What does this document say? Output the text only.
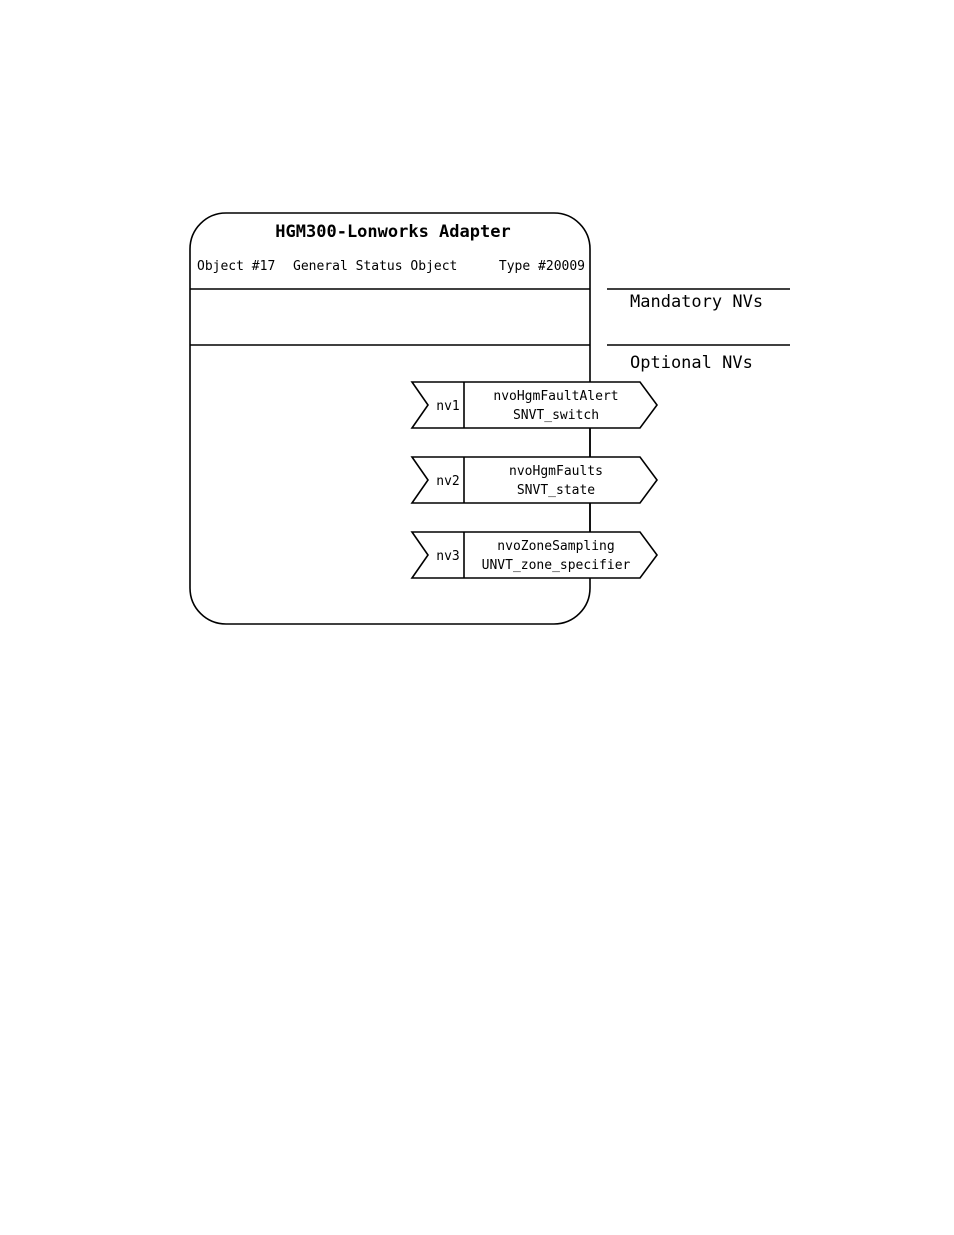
HGM300-Lonworks Adapter
Object #17 General Status Object	Type #20009
Mandatory NVs
Optional NVs
nv1
nvoHgmFaultAlert
SNVT_switch
nv2
nvoHgmFaults
SNVT_state
nv3
nvoZoneSampling
UNVT_zone_specifier
